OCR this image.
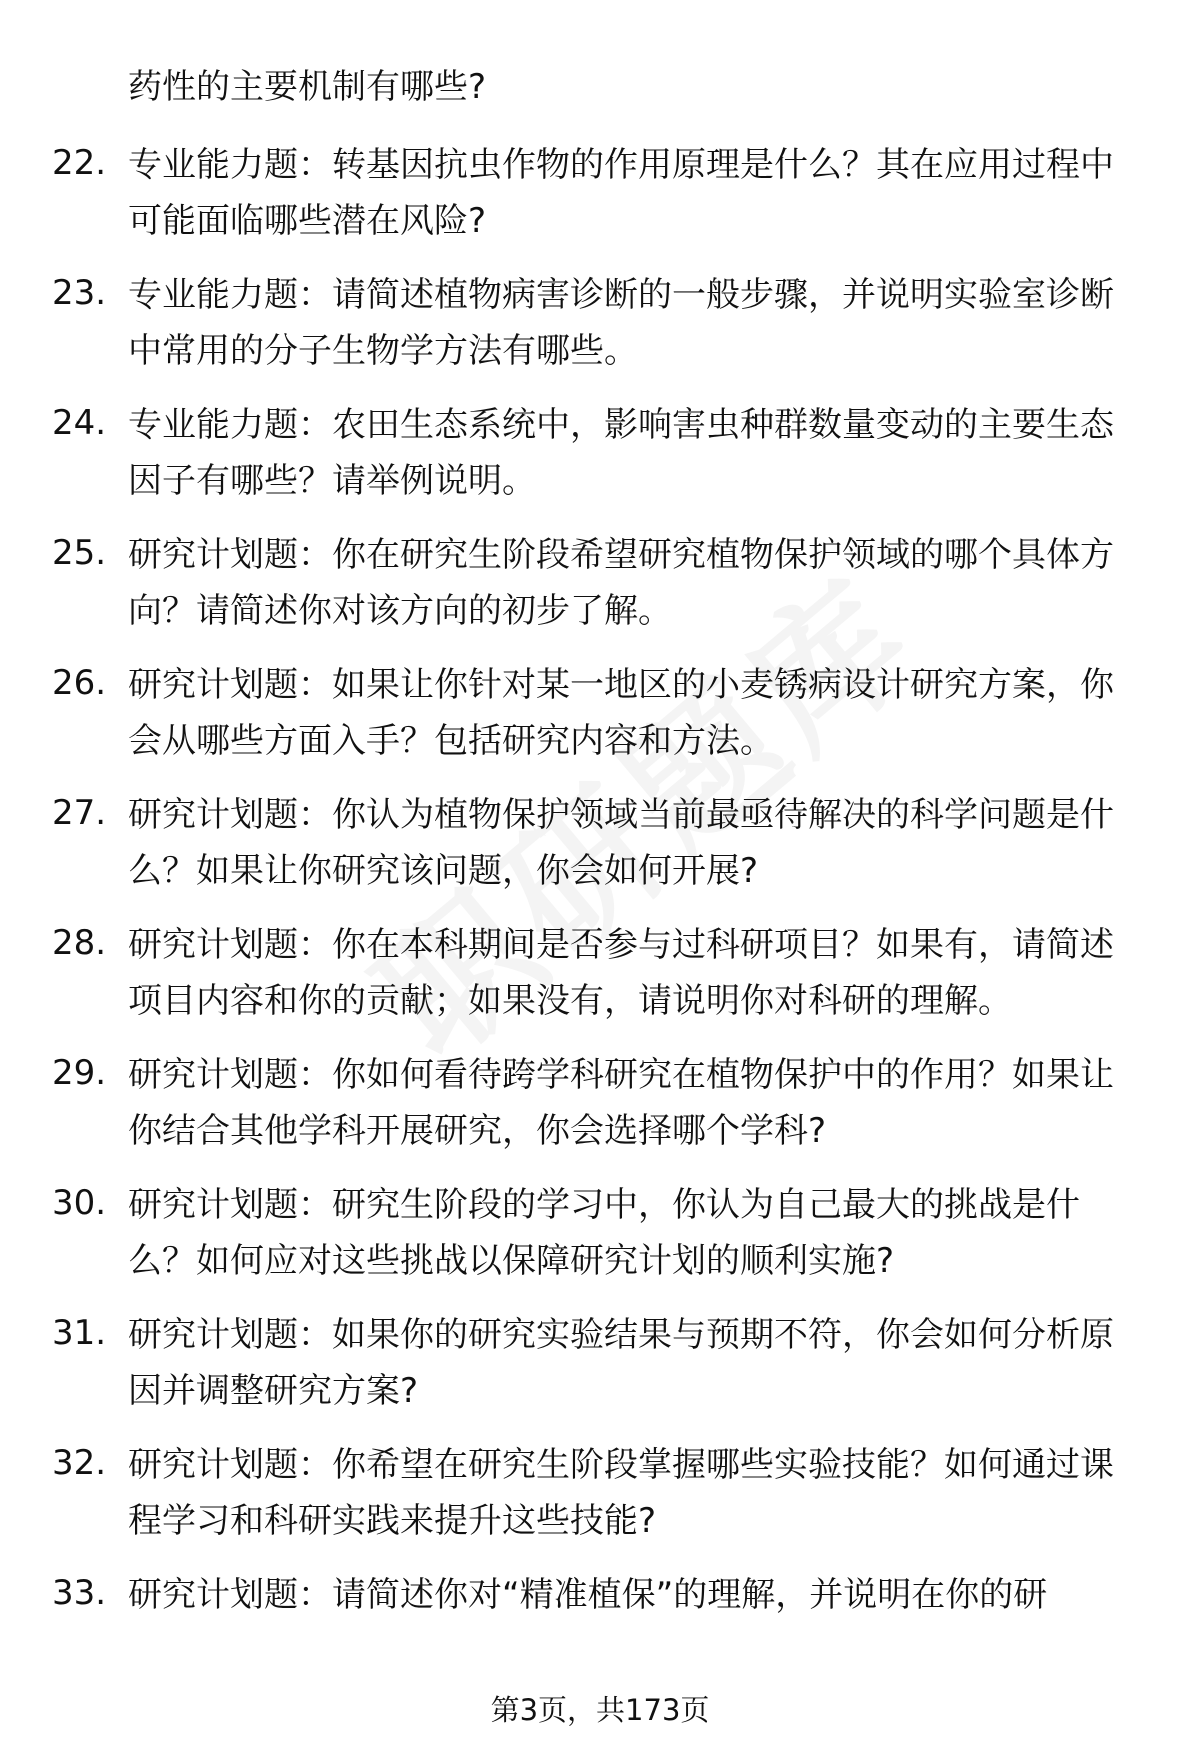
药性的主要机制有哪些?

22. 专业能力题：转基因抗虫作物的作用原理是什么？其在应用过程中可能面临哪些潜在风险?

23. 专业能力题：请简述植物病害诊断的一般步骤，并说明实验室诊断中常用的分子生物学方法有哪些。

24. 专业能力题：农田生态系统中，影响害虫种群数量变动的主要生态因子有哪些？请举例说明。

25. 研究计划题：你在研究生阶段希望研究植物保护领域的哪个具体方向？请简述你对该方向的初步了解。

26. 研究计划题：如果让你针对某一地区的小麦锈病设计研究方案，你会从哪些方面入手？包括研究内容和方法。

27. 研究计划题：你认为植物保护领域当前最亟待解决的科学问题是什么？如果让你研究该问题，你会如何开展?

28. 研究计划题：你在本科期间是否参与过科研项目？如果有，请简述项目内容和你的贡献；如果没有，请说明你对科研的理解。

29. 研究计划题：你如何看待跨学科研究在植物保护中的作用？如果让你结合其他学科开展研究，你会选择哪个学科?

30. 研究计划题：研究生阶段的学习中，你认为自己最大的挑战是什么？如何应对这些挑战以保障研究计划的顺利实施?

31. 研究计划题：如果你的研究实验结果与预期不符，你会如何分析原因并调整研究方案?

32. 研究计划题：你希望在研究生阶段掌握哪些实验技能？如何通过课程学习和科研实践来提升这些技能?

33. 研究计划题：请简述你对“精准植保”的理解，并说明在你的研

第3页，共173页
